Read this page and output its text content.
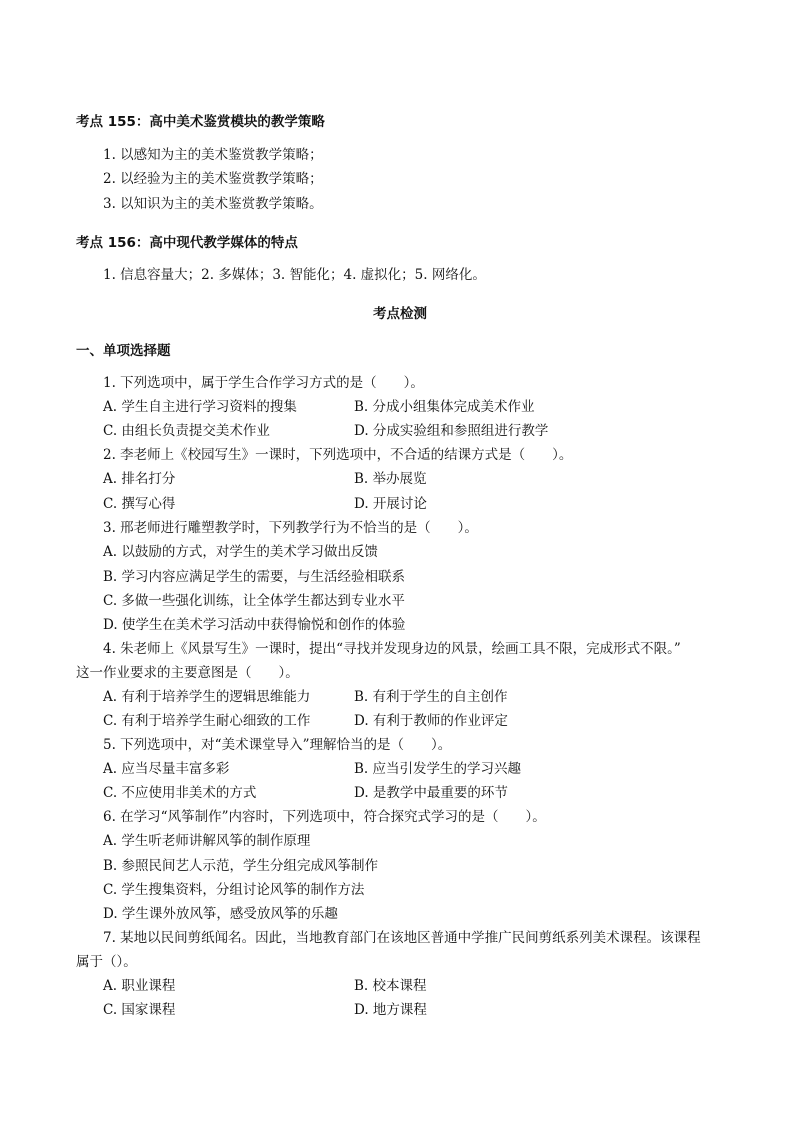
考点 155：高中美术鉴赏模块的教学策略
1. 以感知为主的美术鉴赏教学策略；
2. 以经验为主的美术鉴赏教学策略；
3. 以知识为主的美术鉴赏教学策略。
考点 156：高中现代教学媒体的特点
1. 信息容量大；2. 多媒体；3. 智能化；4. 虚拟化；5. 网络化。
考点检测
一、单项选择题
1. 下列选项中，属于学生合作学习方式的是（　　）。
A. 学生自主进行学习资料的搜集	B. 分成小组集体完成美术作业
C. 由组长负责提交美术作业	D. 分成实验组和参照组进行教学
2. 李老师上《校园写生》一课时，下列选项中，不合适的结课方式是（　　）。
A. 排名打分	B. 举办展览
C. 撰写心得	D. 开展讨论
3. 邢老师进行雕塑教学时，下列教学行为不恰当的是（　　）。
A. 以鼓励的方式，对学生的美术学习做出反馈
B. 学习内容应满足学生的需要，与生活经验相联系
C. 多做一些强化训练，让全体学生都达到专业水平
D. 使学生在美术学习活动中获得愉悦和创作的体验
4. 朱老师上《风景写生》一课时，提出“寻找并发现身边的风景，绘画工具不限，完成形式不限。”
这一作业要求的主要意图是（　　）。
A. 有利于培养学生的逻辑思维能力	B. 有利于学生的自主创作
C. 有利于培养学生耐心细致的工作	D. 有利于教师的作业评定
5. 下列选项中，对“美术课堂导入”理解恰当的是（　　）。
A. 应当尽量丰富多彩	B. 应当引发学生的学习兴趣
C. 不应使用非美术的方式	D. 是教学中最重要的环节
6. 在学习“风筝制作”内容时，下列选项中，符合探究式学习的是（　　）。
A. 学生听老师讲解风筝的制作原理
B. 参照民间艺人示范，学生分组完成风筝制作
C. 学生搜集资料，分组讨论风筝的制作方法
D. 学生课外放风筝，感受放风筝的乐趣
7. 某地以民间剪纸闻名。因此，当地教育部门在该地区普通中学推广民间剪纸系列美术课程。该课程
属于（）。
A. 职业课程	B. 校本课程
C. 国家课程	D. 地方课程
